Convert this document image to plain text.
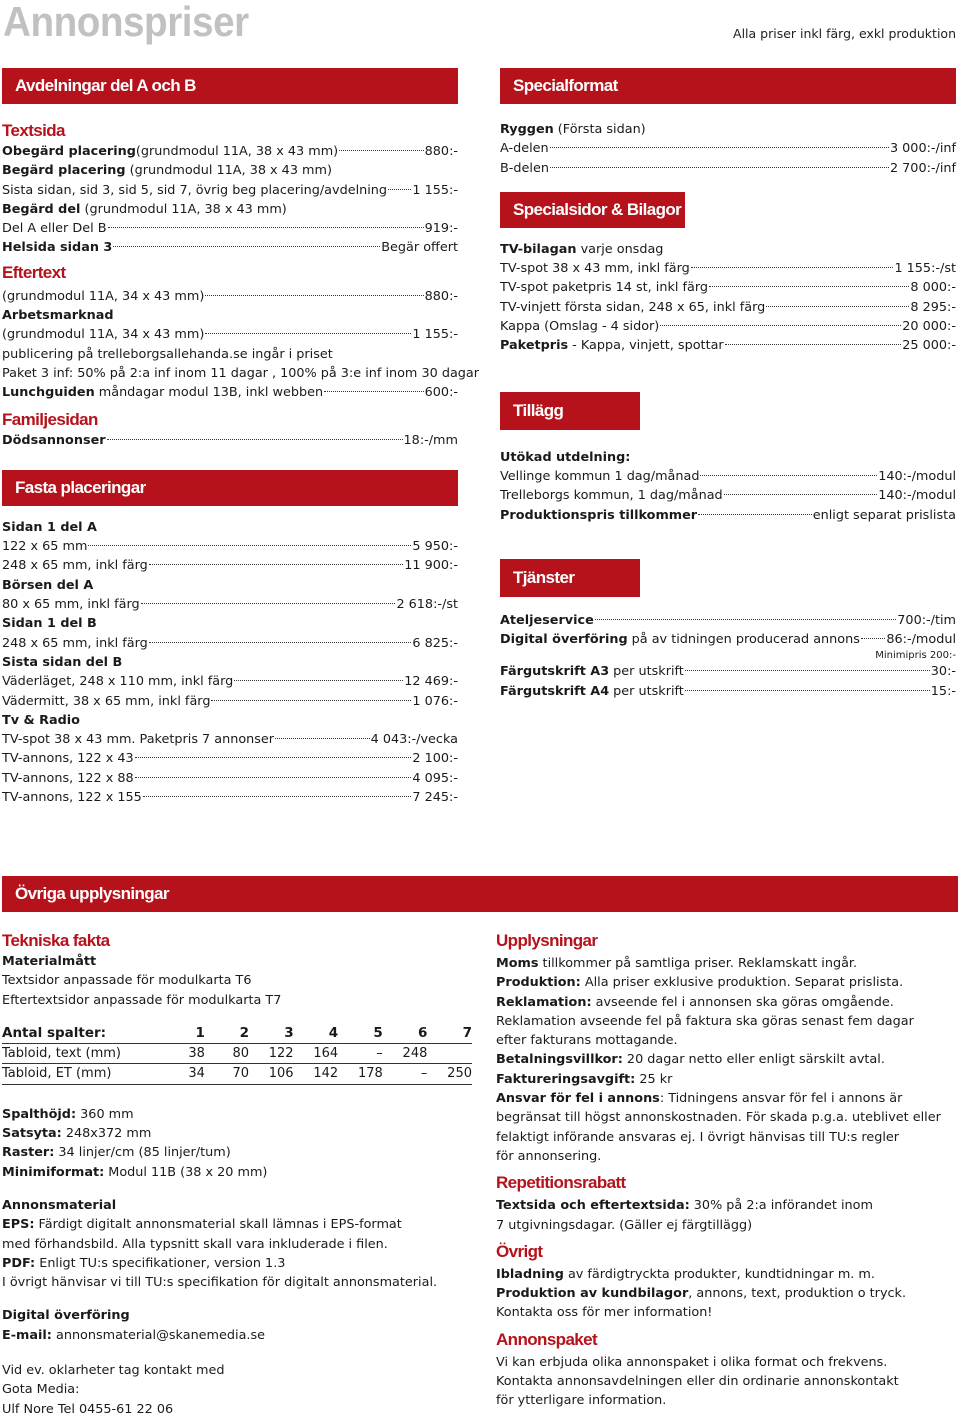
Annonspriser	Alla priser inkl färg, exkl produktion
Avdelningar del A och B
Textsida
Obegärd placering(grundmodul 11A, 38 x 43 mm)	880:-
Begärd placering (grundmodul 11A, 38 x 43 mm)
Sista sidan, sid 3, sid 5, sid 7, övrig beg placering/avdelning 1 155:-
Begärd del (grundmodul 11A, 38 x 43 mm)
Del A eller Del B	919:-
Helsida sidan 3	Begär offert
Eftertext
(grundmodul 11A, 34 x 43 mm)	880:-
Arbetsmarknad
(grundmodul 11A, 34 x 43 mm)	1 155:-
publicering på trelleborgsallehanda.se ingår i priset
Paket 3 inf: 50% på 2:a inf inom 11 dagar , 100% på 3:e inf inom 30 dagar
Lunchguiden måndagar modul 13B, inkl webben	600:-
Familjesidan
Dödsannonser	18:-/mm
Fasta placeringar
Sidan 1 del A
122 x 65 mm	5 950:-
248 x 65 mm, inkl färg	11 900:-
Börsen del A
80 x 65 mm, inkl färg	2 618:-/st
Sidan 1 del B
248 x 65 mm, inkl färg	6 825:-
Sista sidan del B
Väderläget, 248 x 110 mm, inkl färg	12 469:-
Vädermitt, 38 x 65 mm, inkl färg	1 076:-
Tv & Radio
TV-spot 38 x 43 mm. Paketpris 7 annonser	4 043:-/vecka
TV-annons, 122 x 43	2 100:-
TV-annons, 122 x 88	4 095:-
TV-annons, 122 x 155	7 245:-
Specialformat
Ryggen (Första sidan)
A-delen	3 000:-/inf
B-delen	2 700:-/inf
Specialsidor & Bilagor
TV-bilagan varje onsdag
TV-spot 38 x 43 mm, inkl färg	1 155:-/st
TV-spot paketpris 14 st, inkl färg	8 000:-
TV-vinjett första sidan, 248 x 65, inkl färg	8 295:-
Kappa (Omslag - 4 sidor)	20 000:-
Paketpris - Kappa, vinjett, spottar	25 000:-
Tillägg
Utökad utdelning:
Vellinge kommun 1 dag/månad	140:-/modul
Trelleborgs kommun, 1 dag/månad	140:-/modul
Produktionspris tillkommer	enligt separat prislista
Tjänster
Ateljeservice	700:-/tim
Digital överföring på av tidningen producerad annons 86:-/modul
Minimipris 200:-
Färgutskrift A3 per utskrift	30:-
Färgutskrift A4 per utskrift	15:-
Övriga upplysningar
Tekniska fakta
Materialmått
Textsidor anpassade för modulkarta T6
Eftertextsidor anpassade för modulkarta T7
Antal spalter:	1	2	3	4	5	6	7
Tabloid, text (mm)	38	80	122	164	–	248	
Tabloid, ET (mm)	34	70	106	142	178	–	250
Spalthöjd: 360 mm
Satsyta: 248x372 mm
Raster: 34 linjer/cm (85 linjer/tum)
Minimiformat: Modul 11B (38 x 20 mm)
Annonsmaterial
EPS: Färdigt digitalt annonsmaterial skall lämnas i EPS-format
med förhandsbild. Alla typsnitt skall vara inkluderade i filen.
PDF: Enligt TU:s specifikationer, version 1.3
I övrigt hänvisar vi till TU:s specifikation för digitalt annonsmaterial.
Digital överföring
E-mail: annonsmaterial@skanemedia.se
Vid ev. oklarheter tag kontakt med
Gota Media:
Ulf Nore Tel 0455-61 22 06
Upplysningar
Moms tillkommer på samtliga priser. Reklamskatt ingår.
Produktion: Alla priser exklusive produktion. Separat prislista.
Reklamation: avseende fel i annonsen ska göras omgående.
Reklamation avseende fel på faktura ska göras senast fem dagar
efter fakturans mottagande.
Betalningsvillkor: 20 dagar netto eller enligt särskilt avtal.
Faktureringsavgift: 25 kr
Ansvar för fel i annons: Tidningens ansvar för fel i annons är
begränsat till högst annonskostnaden. För skada p.g.a. uteblivet eller
felaktigt införande ansvaras ej. I övrigt hänvisas till TU:s regler
för annonsering.
Repetitionsrabatt
Textsida och eftertextsida: 30% på 2:a införandet inom
7 utgivningsdagar. (Gäller ej färgtillägg)
Övrigt
Ibladning av färdigtryckta produkter, kundtidningar m. m.
Produktion av kundbilagor, annons, text, produktion o tryck.
Kontakta oss för mer information!
Annonspaket
Vi kan erbjuda olika annonspaket i olika format och frekvens.
Kontakta annonsavdelningen eller din ordinarie annonskontakt
för ytterligare information.
